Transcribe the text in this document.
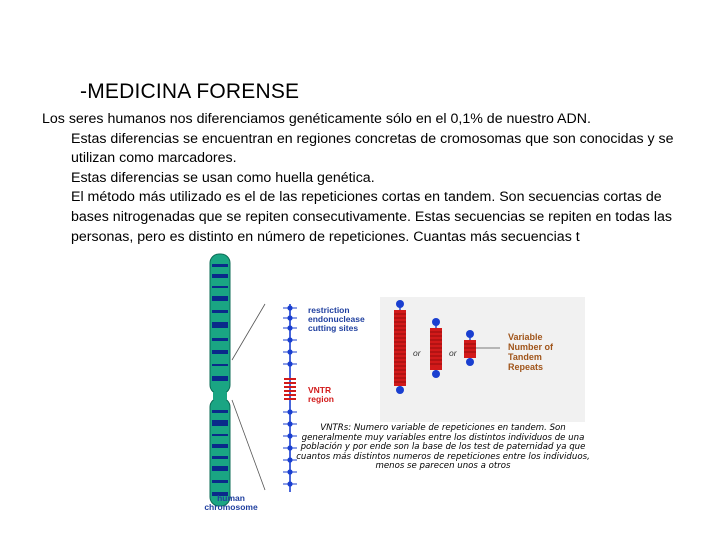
-MEDICINA FORENSE

Los seres humanos nos diferenciamos genéticamente sólo en el 0,1% de nuestro ADN.

Estas diferencias se encuentran en regiones concretas de cromosomas que son conocidas y se utilizan como marcadores.

Estas diferencias se usan como huella genética.

El método más utilizado es el de las repeticiones cortas en tandem. Son secuencias cortas de bases nitrogenadas que se repiten consecutivamente. Estas secuencias se repiten en todas las personas, pero es distinto en número de repeticiones. Cuantas más secuencias t

restriction endonuclease cutting sites
VNTR region
Variable Number of Tandem Repeats
or	or
human chromosome
VNTRs: Numero variable de repeticiones en tandem. Son generalmente muy variables entre los distintos individuos de una población y por ende son la base de los test de paternidad ya que cuantos más distintos numeros de repeticiones entre los individuos, menos se parecen unos a otros
